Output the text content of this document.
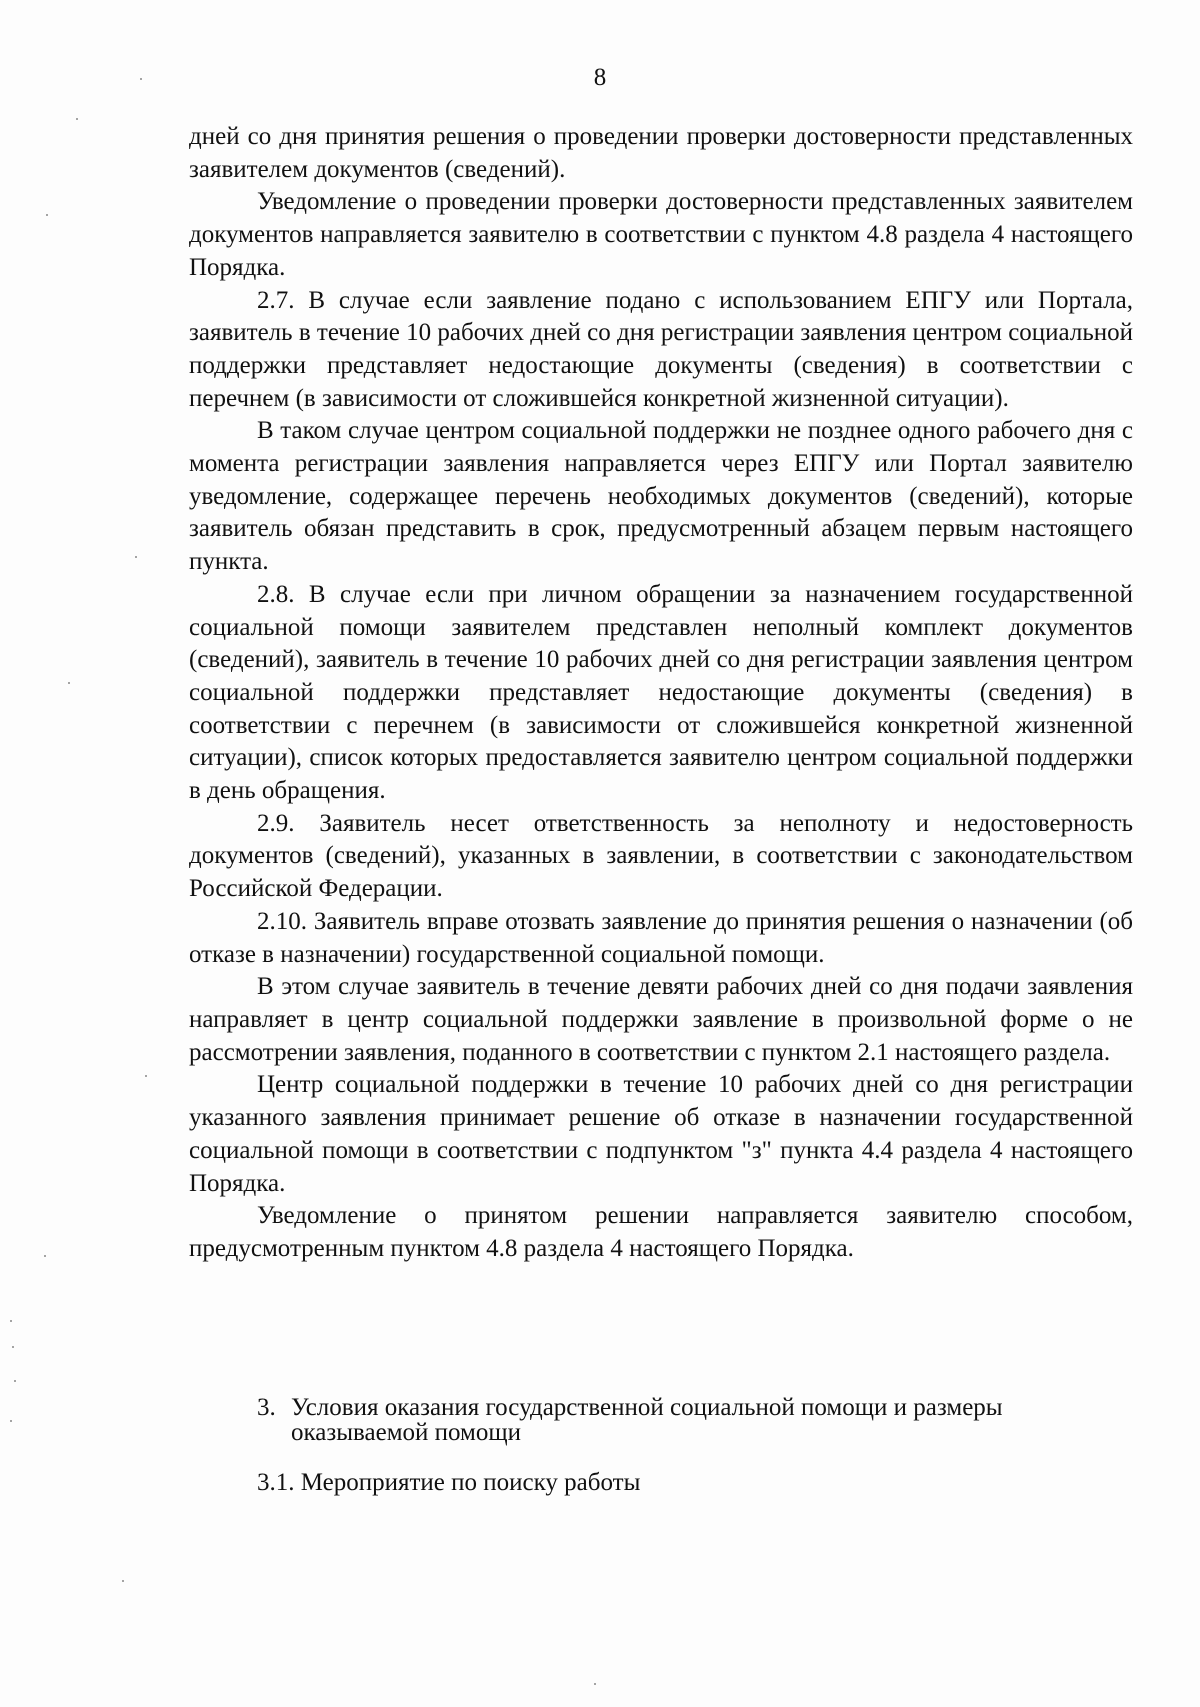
8

дней со дня принятия решения о проведении проверки достоверности представленных заявителем документов (сведений).

Уведомление о проведении проверки достоверности представленных заявителем документов направляется заявителю в соответствии с пунктом 4.8 раздела 4 настоящего Порядка.

2.7. В случае если заявление подано с использованием ЕПГУ или Портала, заявитель в течение 10 рабочих дней со дня регистрации заявления центром социальной поддержки представляет недостающие документы (сведения) в соответствии с перечнем (в зависимости от сложившейся конкретной жизненной ситуации).

В таком случае центром социальной поддержки не позднее одного рабочего дня с момента регистрации заявления направляется через ЕПГУ или Портал заявителю уведомление, содержащее перечень необходимых документов (сведений), которые заявитель обязан представить в срок, предусмотренный абзацем первым настоящего пункта.

2.8. В случае если при личном обращении за назначением государственной социальной помощи заявителем представлен неполный комплект документов (сведений), заявитель в течение 10 рабочих дней со дня регистрации заявления центром социальной поддержки представляет недостающие документы (сведения) в соответствии с перечнем (в зависимости от сложившейся конкретной жизненной ситуации), список которых предоставляется заявителю центром социальной поддержки в день обращения.

2.9. Заявитель несет ответственность за неполноту и недостоверность документов (сведений), указанных в заявлении, в соответствии с законодательством Российской Федерации.

2.10. Заявитель вправе отозвать заявление до принятия решения о назначении (об отказе в назначении) государственной социальной помощи.

В этом случае заявитель в течение девяти рабочих дней со дня подачи заявления направляет в центр социальной поддержки заявление в произвольной форме о не рассмотрении заявления, поданного в соответствии с пунктом 2.1 настоящего раздела.

Центр социальной поддержки в течение 10 рабочих дней со дня регистрации указанного заявления принимает решение об отказе в назначении государственной социальной помощи в соответствии с подпунктом "з" пункта 4.4 раздела 4 настоящего Порядка.

Уведомление о принятом решении направляется заявителю способом, предусмотренным пунктом 4.8 раздела 4 настоящего Порядка.

3. Условия оказания государственной социальной помощи и размеры оказываемой помощи
3.1. Мероприятие по поиску работы
